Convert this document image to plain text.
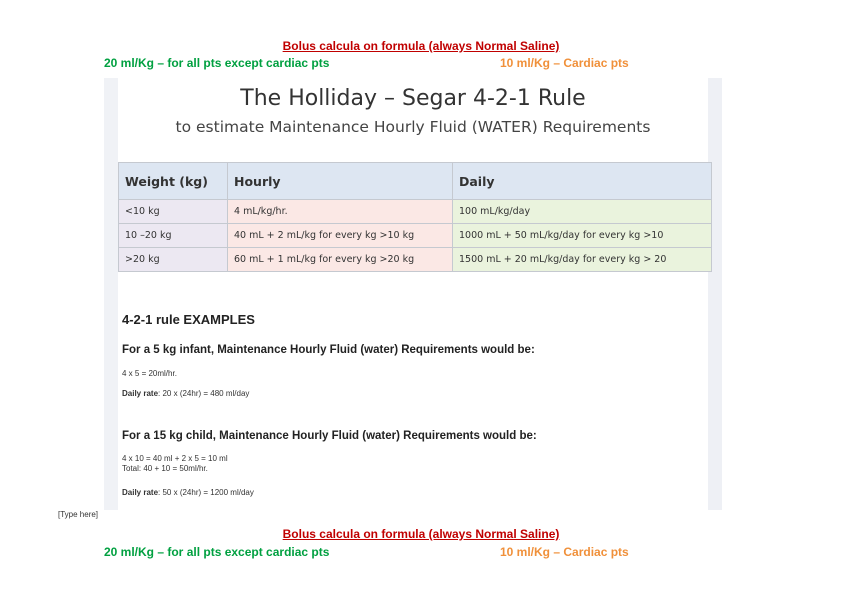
Bolus calcula on formula (always Normal Saline)
20 ml/Kg – for all pts except cardiac pts	10 ml/Kg – Cardiac pts
The Holliday – Segar 4-2-1 Rule
to estimate Maintenance Hourly Fluid (WATER) Requirements
Weight (kg)	Hourly	Daily
<10 kg	4 mL/kg/hr.	100 mL/kg/day
10 –20 kg	40 mL + 2 mL/kg for every kg >10 kg	1000 mL + 50 mL/kg/day for every kg >10
>20 kg	60 mL + 1 mL/kg for every kg >20 kg	1500 mL + 20 mL/kg/day for every kg > 20
4-2-1 rule EXAMPLES
For a 5 kg infant, Maintenance Hourly Fluid (water) Requirements would be:
4 x 5 = 20ml/hr.
Daily rate: 20 x (24hr) = 480 ml/day
For a 15 kg child, Maintenance Hourly Fluid (water) Requirements would be:
4 x 10 = 40 ml + 2 x 5 = 10 ml
Total: 40 + 10 = 50ml/hr.
Daily rate: 50 x (24hr) = 1200 ml/day
[Type here]
Bolus calcula on formula (always Normal Saline)
20 ml/Kg – for all pts except cardiac pts	10 ml/Kg – Cardiac pts
